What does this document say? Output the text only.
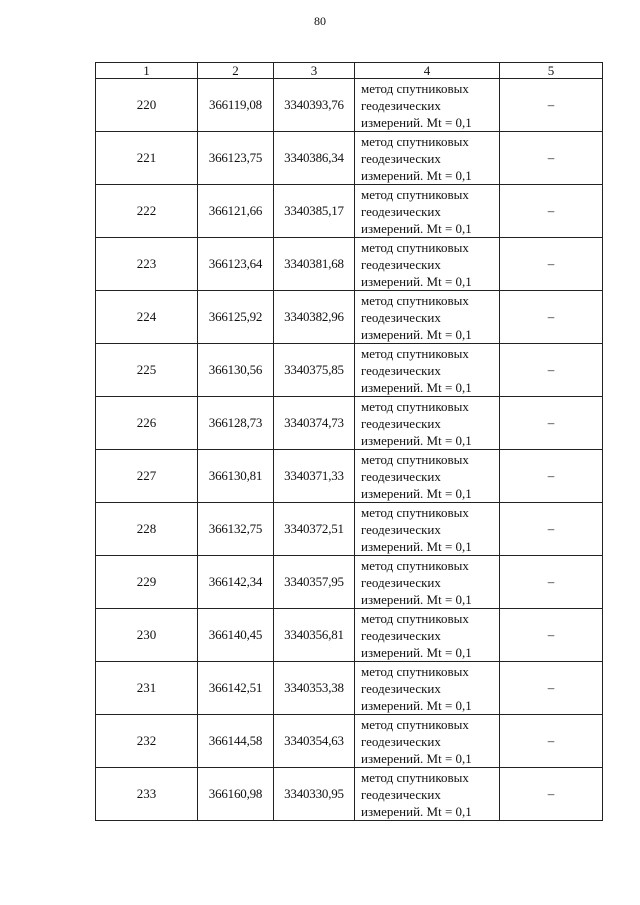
80
1	2	3	4	5
220	366119,08	3340393,76	метод спутниковых
геодезических
измерений. Mt = 0,1	–
221	366123,75	3340386,34	метод спутниковых
геодезических
измерений. Mt = 0,1	–
222	366121,66	3340385,17	метод спутниковых
геодезических
измерений. Mt = 0,1	–
223	366123,64	3340381,68	метод спутниковых
геодезических
измерений. Mt = 0,1	–
224	366125,92	3340382,96	метод спутниковых
геодезических
измерений. Mt = 0,1	–
225	366130,56	3340375,85	метод спутниковых
геодезических
измерений. Mt = 0,1	–
226	366128,73	3340374,73	метод спутниковых
геодезических
измерений. Mt = 0,1	–
227	366130,81	3340371,33	метод спутниковых
геодезических
измерений. Mt = 0,1	–
228	366132,75	3340372,51	метод спутниковых
геодезических
измерений. Mt = 0,1	–
229	366142,34	3340357,95	метод спутниковых
геодезических
измерений. Mt = 0,1	–
230	366140,45	3340356,81	метод спутниковых
геодезических
измерений. Mt = 0,1	–
231	366142,51	3340353,38	метод спутниковых
геодезических
измерений. Mt = 0,1	–
232	366144,58	3340354,63	метод спутниковых
геодезических
измерений. Mt = 0,1	–
233	366160,98	3340330,95	метод спутниковых
геодезических
измерений. Mt = 0,1	–
